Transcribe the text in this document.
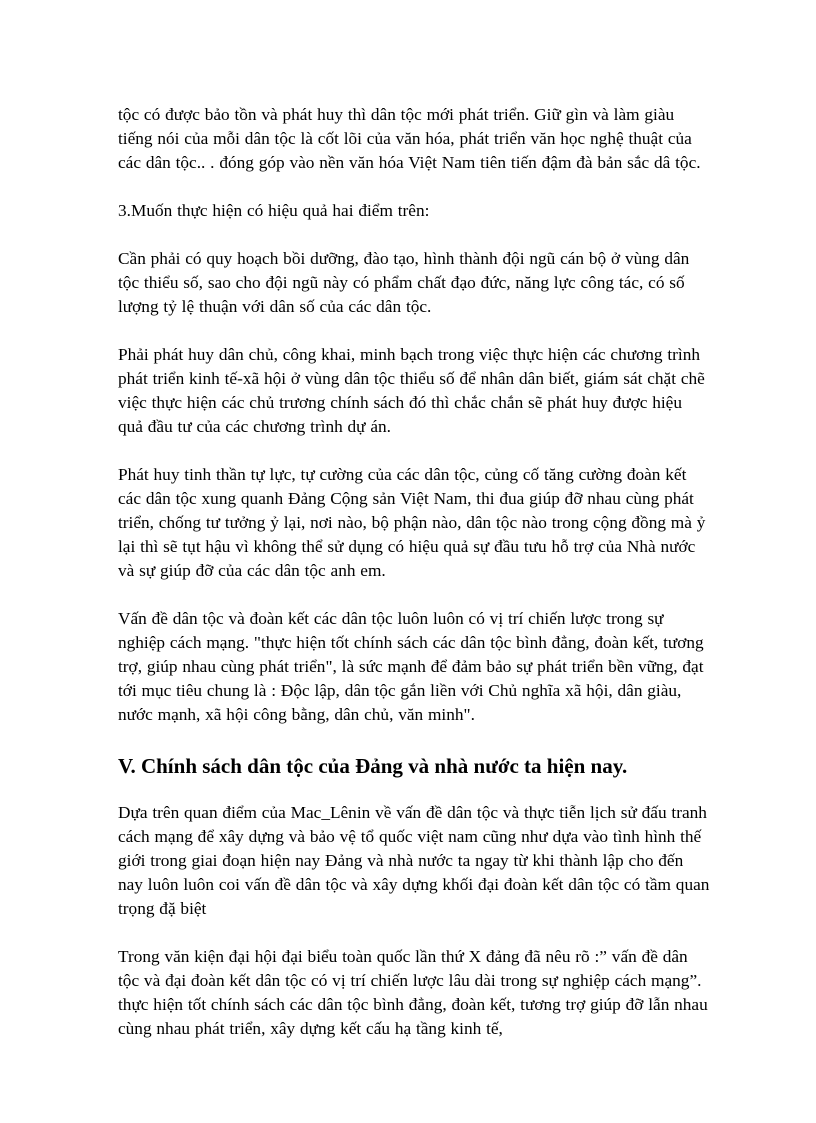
tộc có được bảo tồn và phát huy thì dân tộc mới phát triển. Giữ gìn và làm giàu tiếng nói của mỗi dân tộc là cốt lõi của văn hóa, phát triển văn học nghệ thuật của các dân tộc.. . đóng góp vào nền văn hóa Việt Nam tiên tiến đậm đà bản sắc dâ tộc.

3.Muốn thực hiện có hiệu quả hai điểm trên:

Cần phải có quy hoạch bồi dưỡng, đào tạo, hình thành đội ngũ cán bộ ở vùng dân tộc thiểu số, sao cho đội ngũ này có phẩm chất đạo đức, năng lực công tác, có số lượng tỷ lệ thuận với dân số của các dân tộc.

Phải phát huy dân chủ, công khai, minh bạch trong việc thực hiện các chương trình phát triển kinh tế-xã hội ở vùng dân tộc thiểu số để nhân dân biết, giám sát chặt chẽ việc thực hiện các chủ trương chính sách đó thì chắc chắn sẽ phát huy được hiệu quả đầu tư của các chương trình dự án.

Phát huy tinh thần tự lực, tự cường của các dân tộc, củng cố tăng cường đoàn kết các dân tộc xung quanh Đảng Cộng sản Việt Nam, thi đua giúp đỡ nhau cùng phát triển, chống tư tưởng ỷ lại, nơi nào, bộ phận nào, dân tộc nào trong cộng đồng mà ỷ lại thì sẽ tụt hậu vì không thể sử dụng có hiệu quả sự đầu tưu hỗ trợ của Nhà nước và sự giúp đỡ của các dân tộc anh em.

Vấn đề dân tộc và đoàn kết các dân tộc luôn luôn có vị trí chiến lược trong sự nghiệp cách mạng. "thực hiện tốt chính sách các dân tộc bình đẳng, đoàn kết, tương trợ, giúp nhau cùng phát triển", là sức mạnh để đảm bảo sự phát triển bền vững, đạt tới mục tiêu chung là : Độc lập, dân tộc gắn liền với Chủ nghĩa xã hội, dân giàu, nước mạnh, xã hội công bằng, dân chủ, văn minh".

V. Chính sách dân tộc của Đảng và nhà nước ta hiện nay.

Dựa trên quan điểm của Mac_Lênin về vấn đề dân tộc và thực tiễn lịch sử đấu tranh cách mạng để xây dựng và bảo vệ tổ quốc việt nam cũng như dựa vào tình hình thế giới trong giai đoạn hiện nay Đảng và nhà nước ta ngay từ khi thành lập cho đến nay luôn luôn coi vấn đề dân tộc và xây dựng khối đại đoàn kết dân tộc có tầm quan trọng đặ biệt

Trong văn kiện đại hội đại biểu toàn quốc lần thứ X đảng đã nêu rõ :” vấn đề dân tộc và đại đoàn kết dân tộc có vị trí chiến lược lâu dài trong sự nghiệp cách mạng”. thực hiện tốt chính sách các dân tộc bình đẳng, đoàn kết, tương trợ giúp đỡ lẫn nhau cùng nhau phát triển, xây dựng kết cấu hạ tầng kinh tế,
